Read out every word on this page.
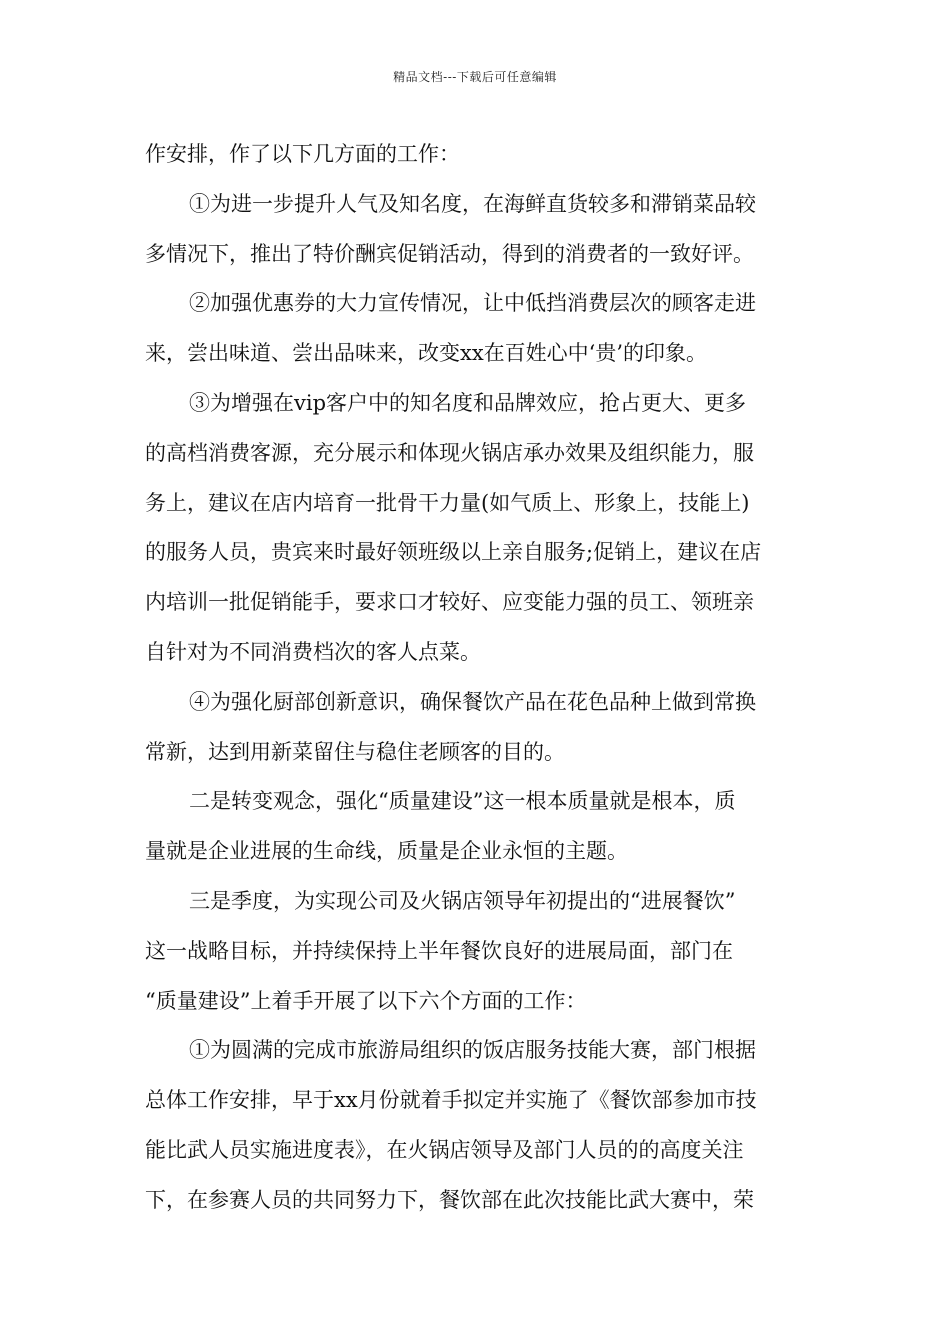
精品文档---下载后可任意编辑
作安排，作了以下几方面的工作：
①为进一步提升人气及知名度，在海鲜直货较多和滞销菜品较
多情况下，推出了特价酬宾促销活动，得到的消费者的一致好评。
②加强优惠券的大力宣传情况，让中低挡消费层次的顾客走进
来，尝出味道、尝出品味来，改变xx在百姓心中‘贵’的印象。
③为增强在vip客户中的知名度和品牌效应，抢占更大、更多
的高档消费客源，充分展示和体现火锅店承办效果及组织能力，服
务上，建议在店内培育一批骨干力量(如气质上、形象上，技能上)
的服务人员，贵宾来时最好领班级以上亲自服务;促销上，建议在店
内培训一批促销能手，要求口才较好、应变能力强的员工、领班亲
自针对为不同消费档次的客人点菜。
④为强化厨部创新意识，确保餐饮产品在花色品种上做到常换
常新，达到用新菜留住与稳住老顾客的目的。
二是转变观念，强化“质量建设”这一根本质量就是根本，质
量就是企业进展的生命线，质量是企业永恒的主题。
三是季度，为实现公司及火锅店领导年初提出的“进展餐饮”
这一战略目标，并持续保持上半年餐饮良好的进展局面，部门在
“质量建设”上着手开展了以下六个方面的工作：
①为圆满的完成市旅游局组织的饭店服务技能大赛，部门根据
总体工作安排，早于xx月份就着手拟定并实施了《餐饮部参加市技
能比武人员实施进度表》，在火锅店领导及部门人员的的高度关注
下，在参赛人员的共同努力下，餐饮部在此次技能比武大赛中，荣
